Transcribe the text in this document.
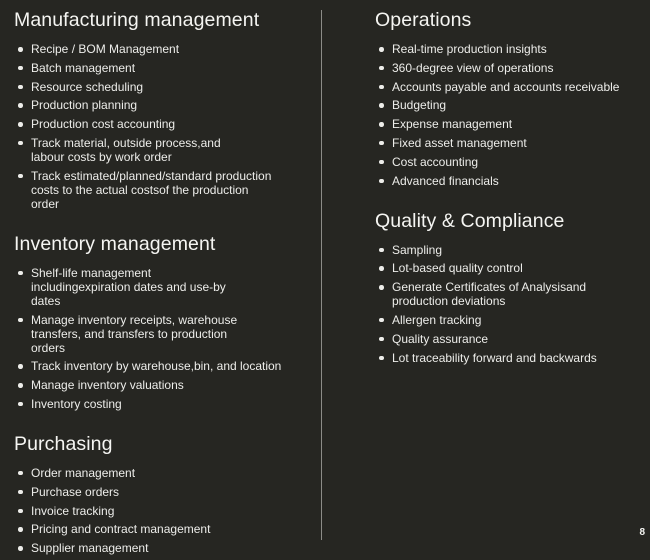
Manufacturing management
Recipe / BOM Management
Batch management
Resource scheduling
Production planning
Production cost accounting
Track material, outside process,and labour costs by work order
Track estimated/planned/standard production costs to the actual costsof the production order
Inventory management
Shelf-life management includingexpiration dates and use-by dates
Manage inventory receipts, warehouse transfers, and transfers to production orders
Track inventory by warehouse,bin, and location
Manage inventory valuations
Inventory costing
Purchasing
Order management
Purchase orders
Invoice tracking
Pricing and contract management
Supplier management
Operations
Real-time production insights
360-degree view of operations
Accounts payable and accounts receivable
Budgeting
Expense management
Fixed asset management
Cost accounting
Advanced financials
Quality & Compliance
Sampling
Lot-based quality control
Generate Certificates of Analysisand production deviations
Allergen tracking
Quality assurance
Lot traceability forward and backwards
8
